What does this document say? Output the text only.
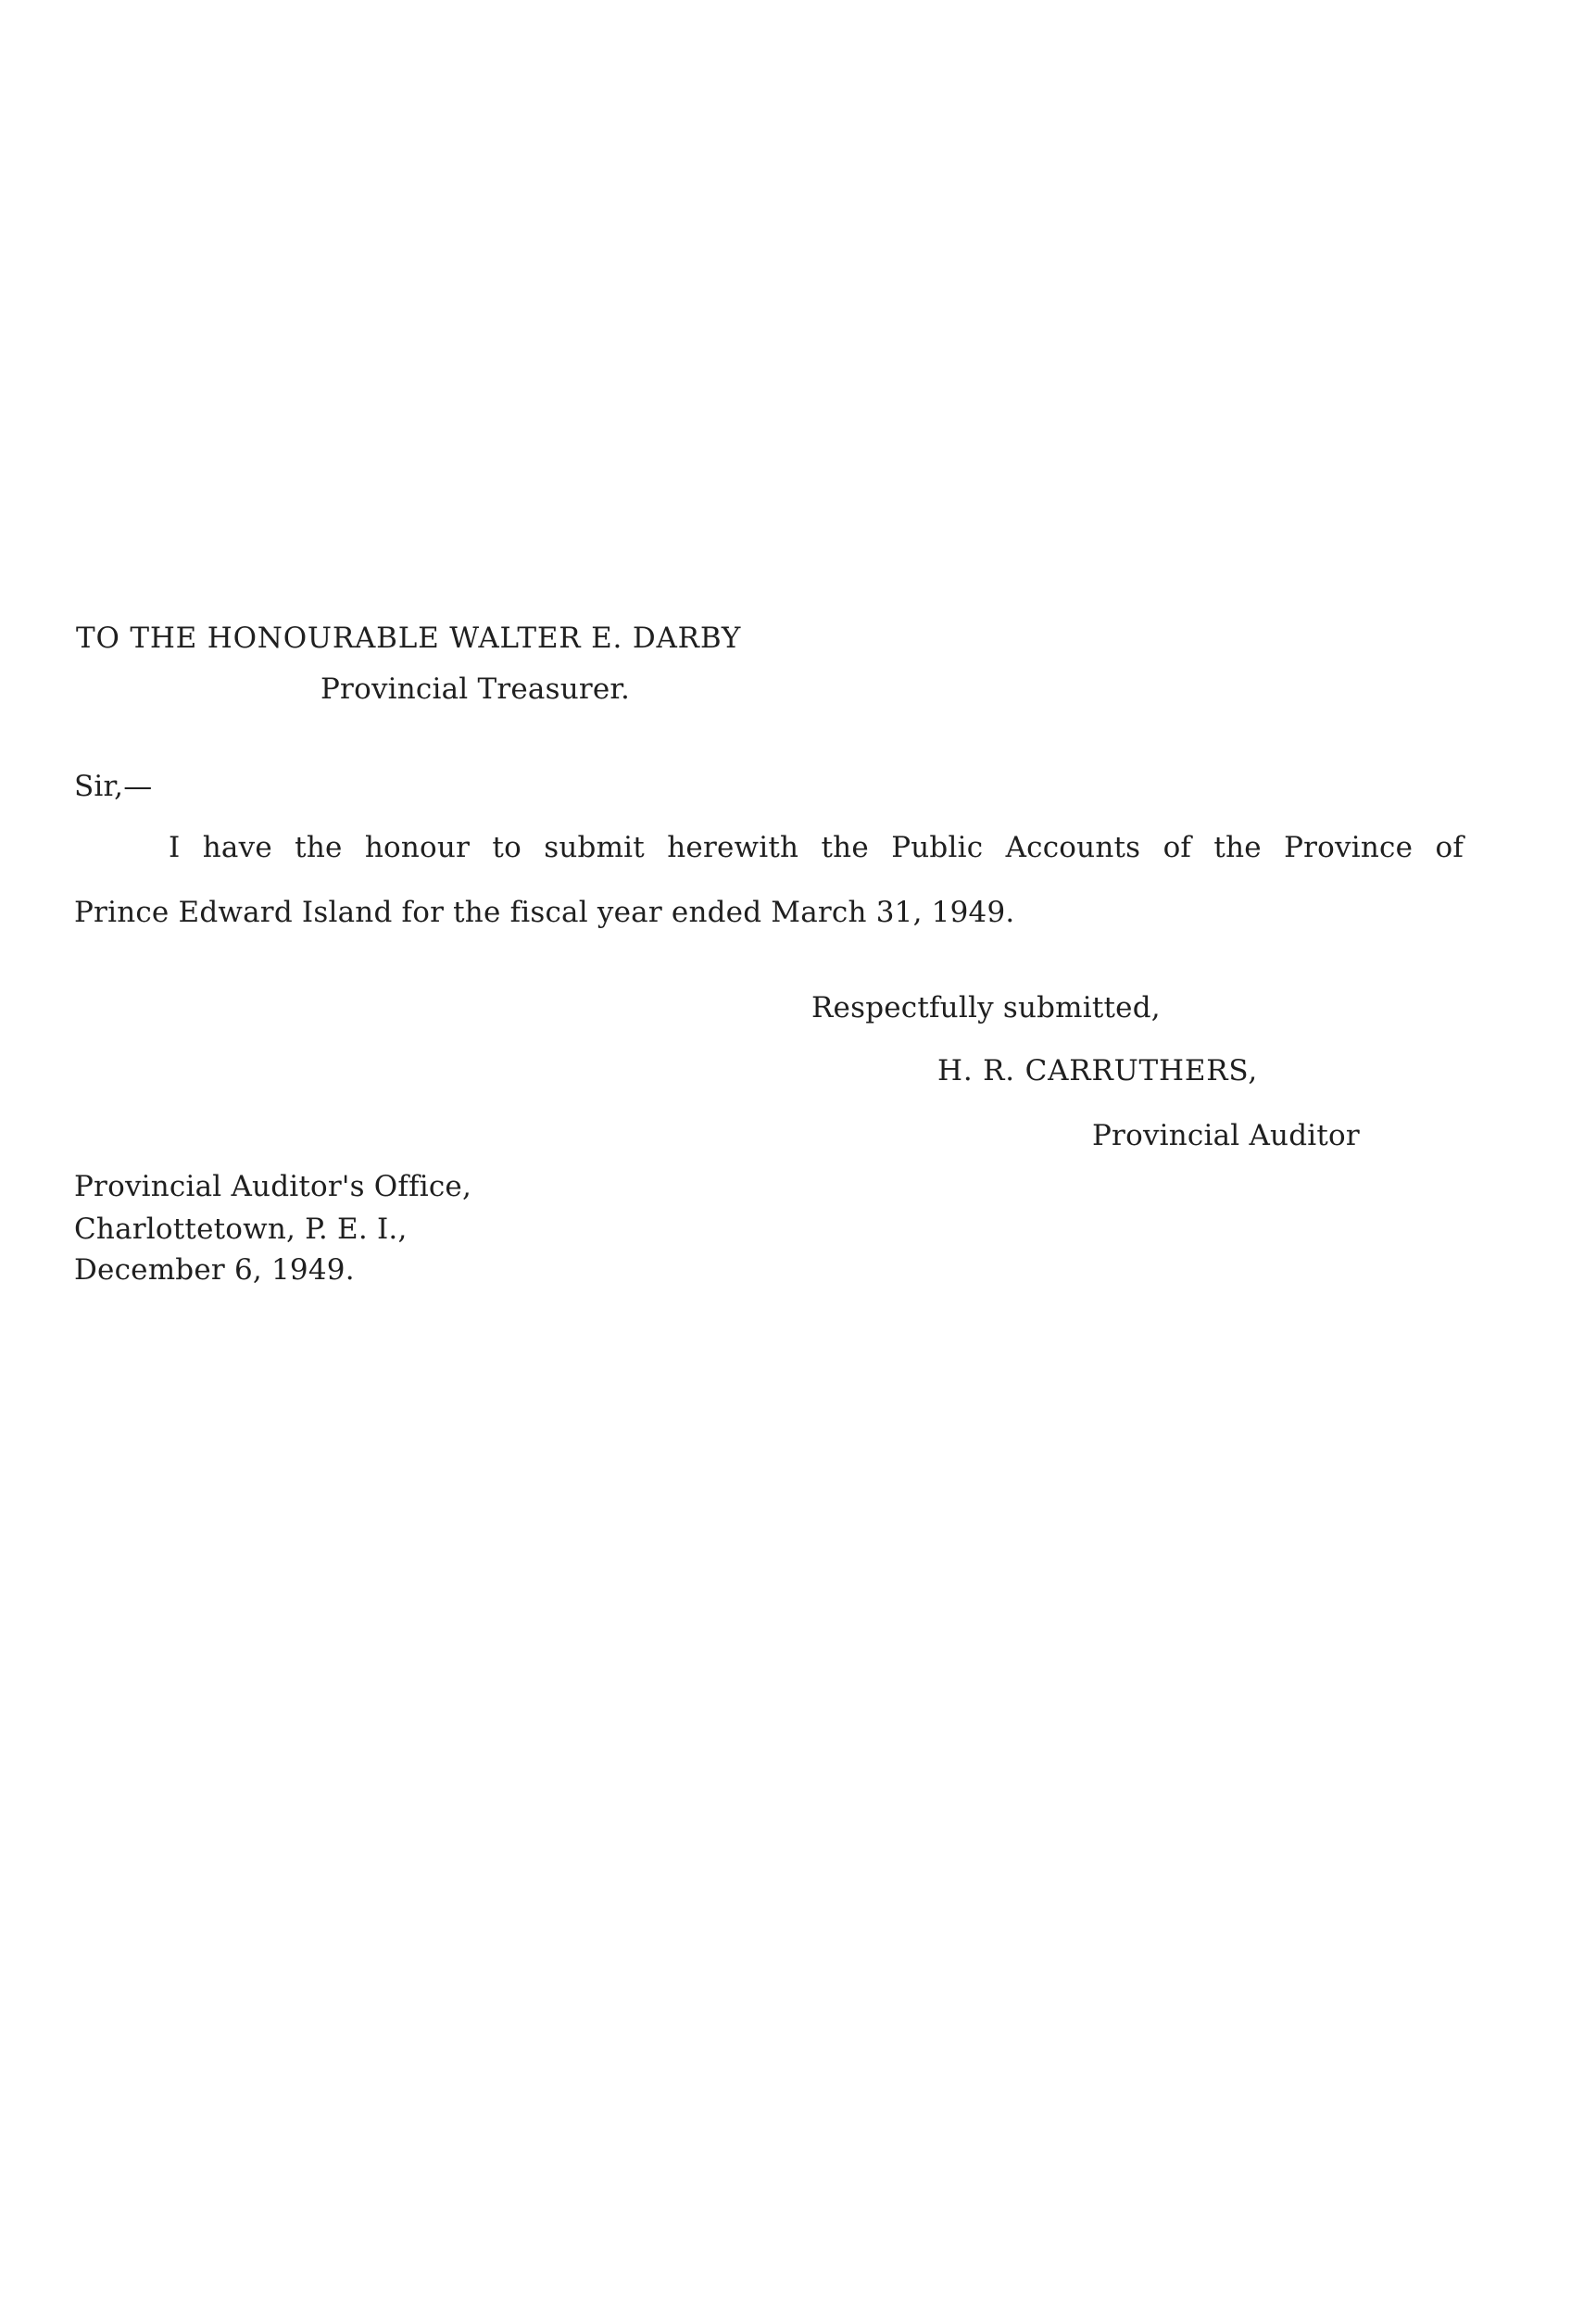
TO THE HONOURABLE WALTER E. DARBY
Provincial Treasurer.
Sir,—
I have the honour to submit herewith the Public Accounts of the Province of
Prince Edward Island for the fiscal year ended March 31, 1949.
Respectfully submitted,
H. R. CARRUTHERS,
Provincial Auditor
Provincial Auditor's Office,
Charlottetown, P. E. I.,
December 6, 1949.
